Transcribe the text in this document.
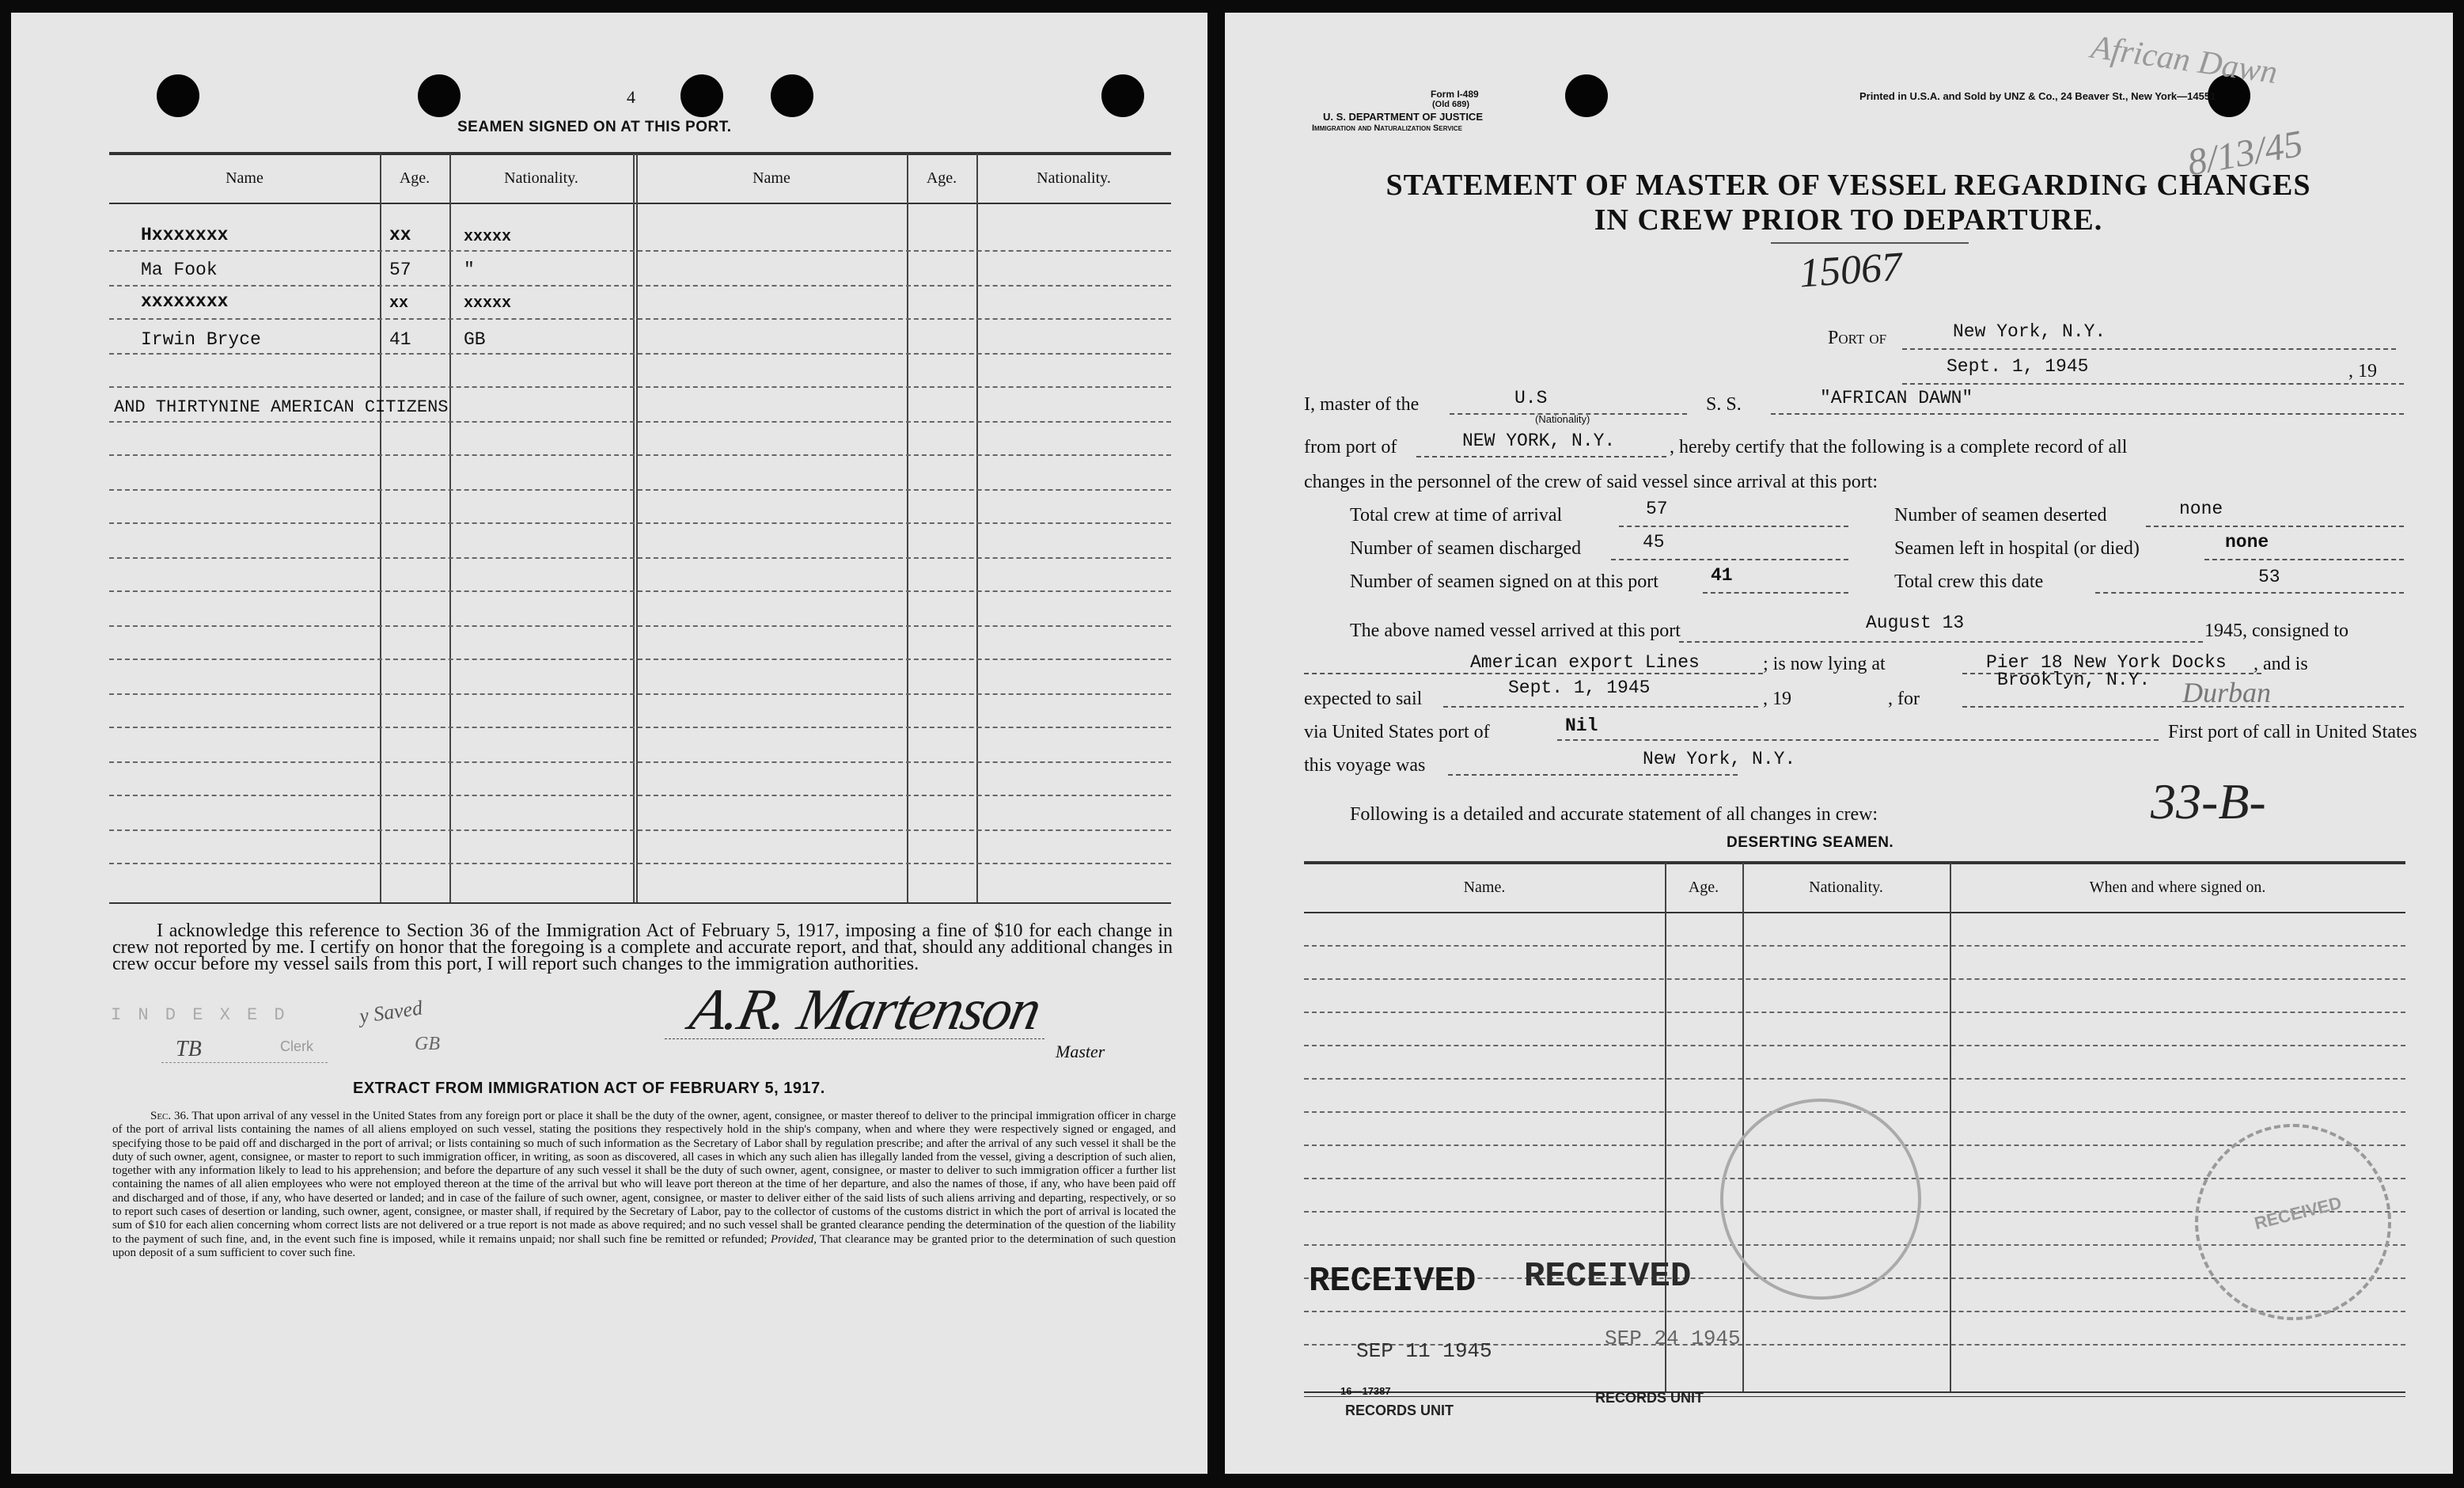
4
SEAMEN SIGNED ON AT THIS PORT.
Name	Age.	Nationality.	Name	Age.	Nationality.
Hxxxxxxx	xx	xxxxx
Ma Fook	57	"
xxxxxxxx	xx	xxxxx
Irwin Bryce	41	GB
AND THIRTYNINE AMERICAN CITIZENS
I acknowledge this reference to Section 36 of the Immigration Act of February 5, 1917, imposing a fine of $10 for each change in crew not reported by me. I certify on honor that the foregoing is a complete and accurate report, and that, should any additional changes in crew occur before my vessel sails from this port, I will report such changes to the immigration authorities.
I N D E X E D	y Saved
GB
TB	Clerk
A.R. Martenson
Master
EXTRACT FROM IMMIGRATION ACT OF FEBRUARY 5, 1917.
Sec. 36. That upon arrival of any vessel in the United States from any foreign port or place it shall be the duty of the owner, agent, consignee, or master thereof to deliver to the principal immigration officer in charge of the port of arrival lists containing the names of all aliens employed on such vessel, stating the positions they respectively hold in the ship's company, when and where they were respectively signed or engaged, and specifying those to be paid off and discharged in the port of arrival; or lists containing so much of such information as the Secretary of Labor shall by regulation prescribe; and after the arrival of any such vessel it shall be the duty of such owner, agent, consignee, or master to report to such immigration officer, in writing, as soon as discovered, all cases in which any such alien has illegally landed from the vessel, giving a description of such alien, together with any information likely to lead to his apprehension; and before the departure of any such vessel it shall be the duty of such owner, agent, consignee, or master to deliver to such immigration officer a further list containing the names of all alien employees who were not employed thereon at the time of the arrival but who will leave port thereon at the time of her departure, and also the names of those, if any, who have been paid off and discharged and of those, if any, who have deserted or landed; and in case of the failure of such owner, agent, consignee, or master to deliver either of the said lists of such aliens arriving and departing, respectively, or so to report such cases of desertion or landing, such owner, agent, consignee, or master shall, if required by the Secretary of Labor, pay to the collector of customs of the customs district in which the port of arrival is located the sum of $10 for each alien concerning whom correct lists are not delivered or a true report is not made as above required; and no such vessel shall be granted clearance pending the determination of the question of the liability to the payment of such fine, and, in the event such fine is imposed, while it remains unpaid; nor shall such fine be remitted or refunded; Provided, That clearance may be granted prior to the determination of such question upon deposit of a sum sufficient to cover such fine.
Form I-489
(Old 689)
U. S. DEPARTMENT OF JUSTICE
Immigration and Naturalization Service
Printed in U.S.A. and Sold by UNZ & Co., 24 Beaver St., New York—14551
African Dawn
8/13/45
STATEMENT OF MASTER OF VESSEL REGARDING CHANGES
IN CREW PRIOR TO DEPARTURE.
15067
Port of	New York, N.Y.
Sept. 1, 1945	, 19
I, master of the	U.S
(Nationality)
S. S.	"AFRICAN DAWN"
from port of	NEW YORK, N.Y.	, hereby certify that the following is a complete record of all
changes in the personnel of the crew of said vessel since arrival at this port:
Total crew at time of arrival	57	Number of seamen deserted	none
Number of seamen discharged	45	Seamen left in hospital (or died)	none
Number of seamen signed on at this port	41	Total crew this date	53
The above named vessel arrived at this port	August 13	1945 , consigned to
American export Lines	; is now lying at	Pier 18 New York Docks , and is
expected to sail
Sept. 1, 1945
, 19	, for
Brooklyn, N.Y. Durban
via United States port of	Nil	First port of call in United States
this voyage was	New York, N.Y.
Following is a detailed and accurate statement of all changes in crew:	33-B-
DESERTING SEAMEN.
Name.	Age.	Nationality.	When and where signed on.
RECEIVED
RECEIVED RECEIVED
SEP 11 1945
SEP 24 1945
16—17387
RECORDS UNIT
RECORDS UNIT
